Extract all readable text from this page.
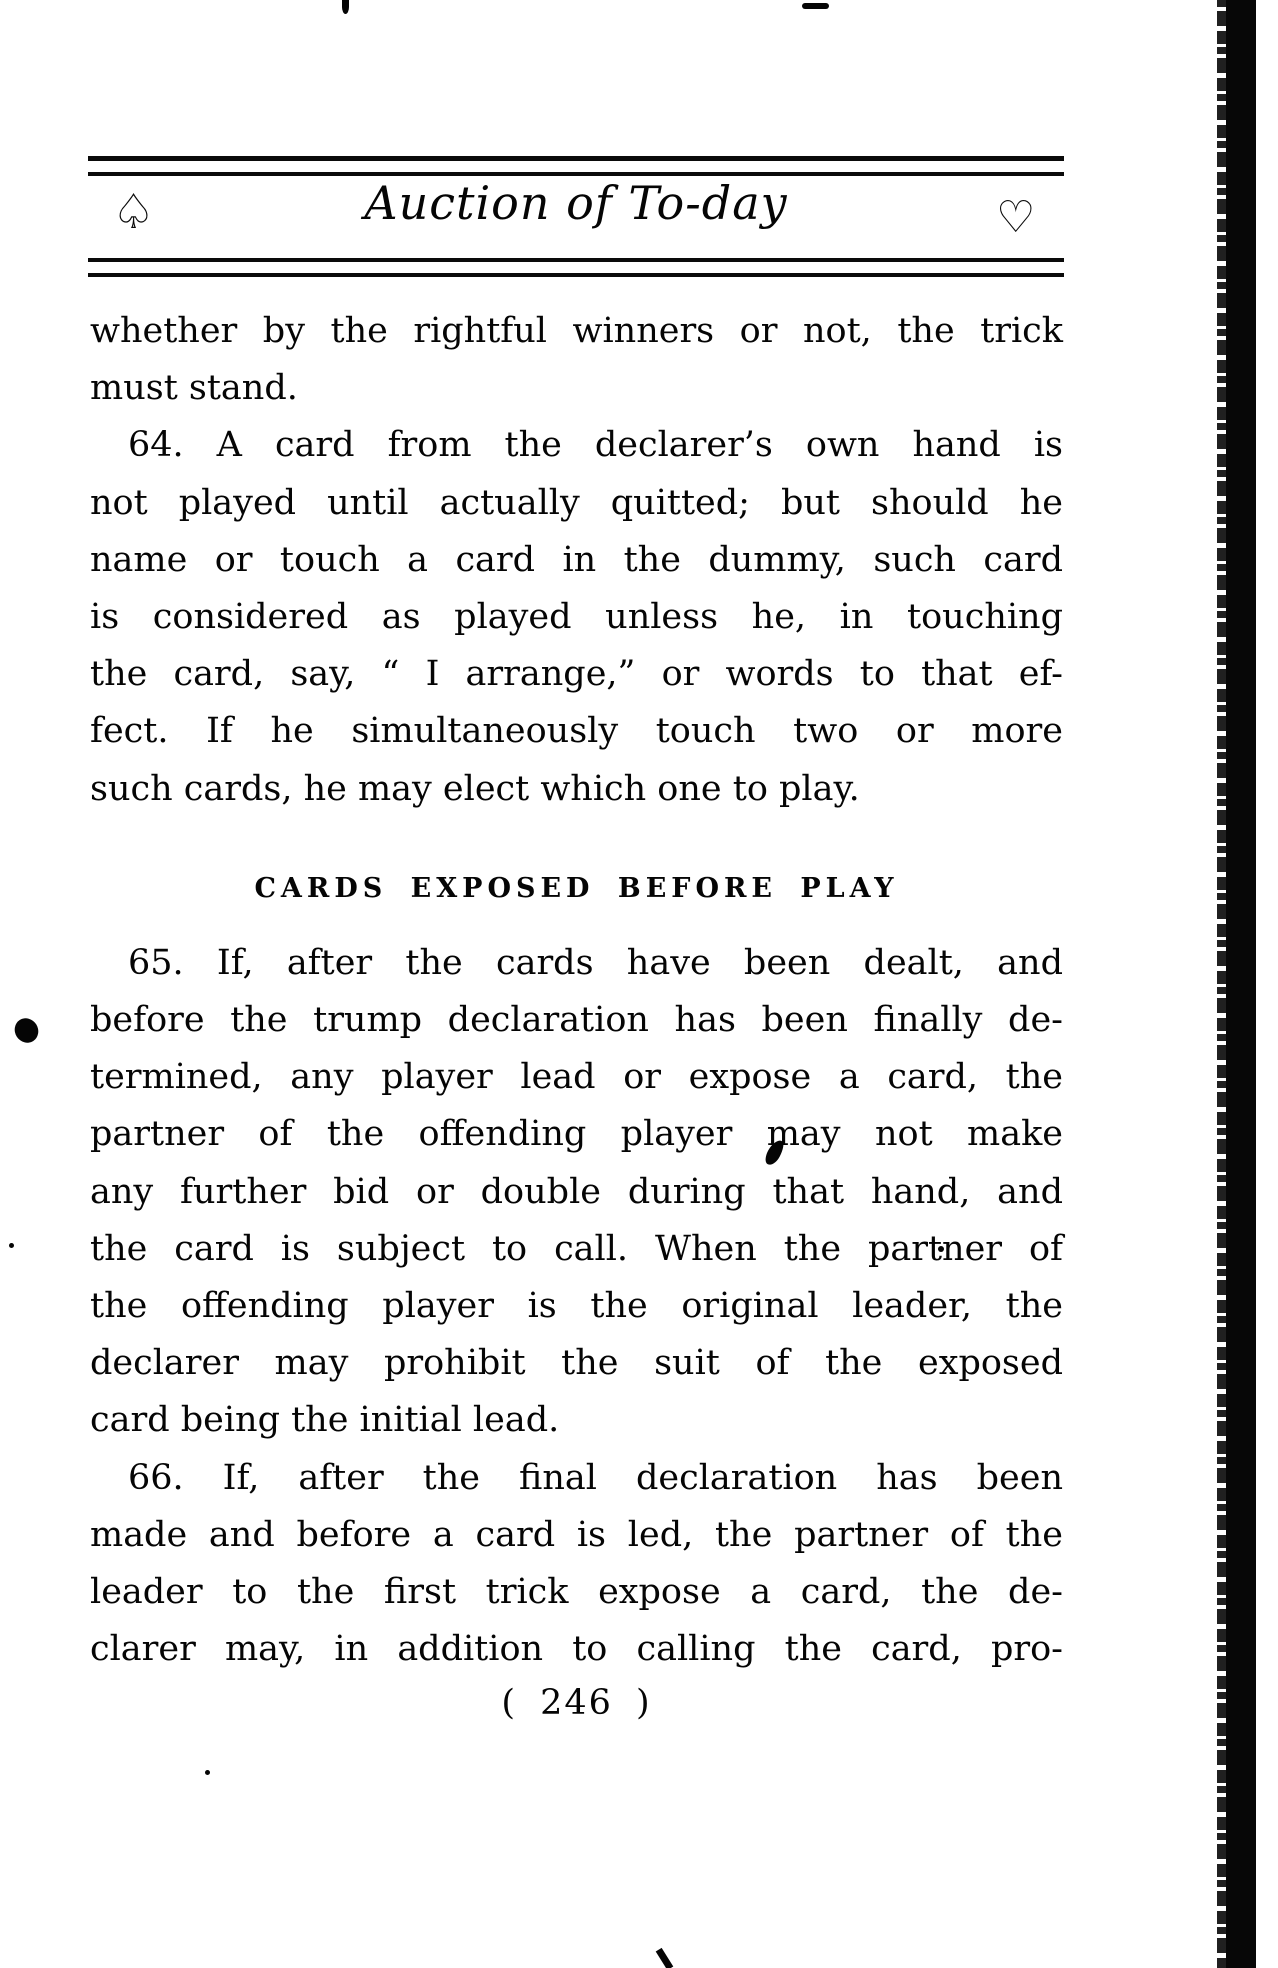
♤	Auction of To-day	♡
whether by the rightful winners or not, the trick
must stand.
64. A card from the declarer’s own hand is
not played until actually quitted; but should he
name or touch a card in the dummy, such card
is considered as played unless he, in touching
the card, say, “ I arrange,” or words to that ef-
fect. If he simultaneously touch two or more
such cards, he may elect which one to play.
CARDS EXPOSED BEFORE PLAY
65. If, after the cards have been dealt, and
before the trump declaration has been finally de-
termined, any player lead or expose a card, the
partner of the offending player may not make
any further bid or double during that hand, and
the card is subject to call. When the partner of
the offending player is the original leader, the
declarer may prohibit the suit of the exposed
card being the initial lead.
66. If, after the final declaration has been
made and before a card is led, the partner of the
leader to the first trick expose a card, the de-
clarer may, in addition to calling the card, pro-
( 246 )
